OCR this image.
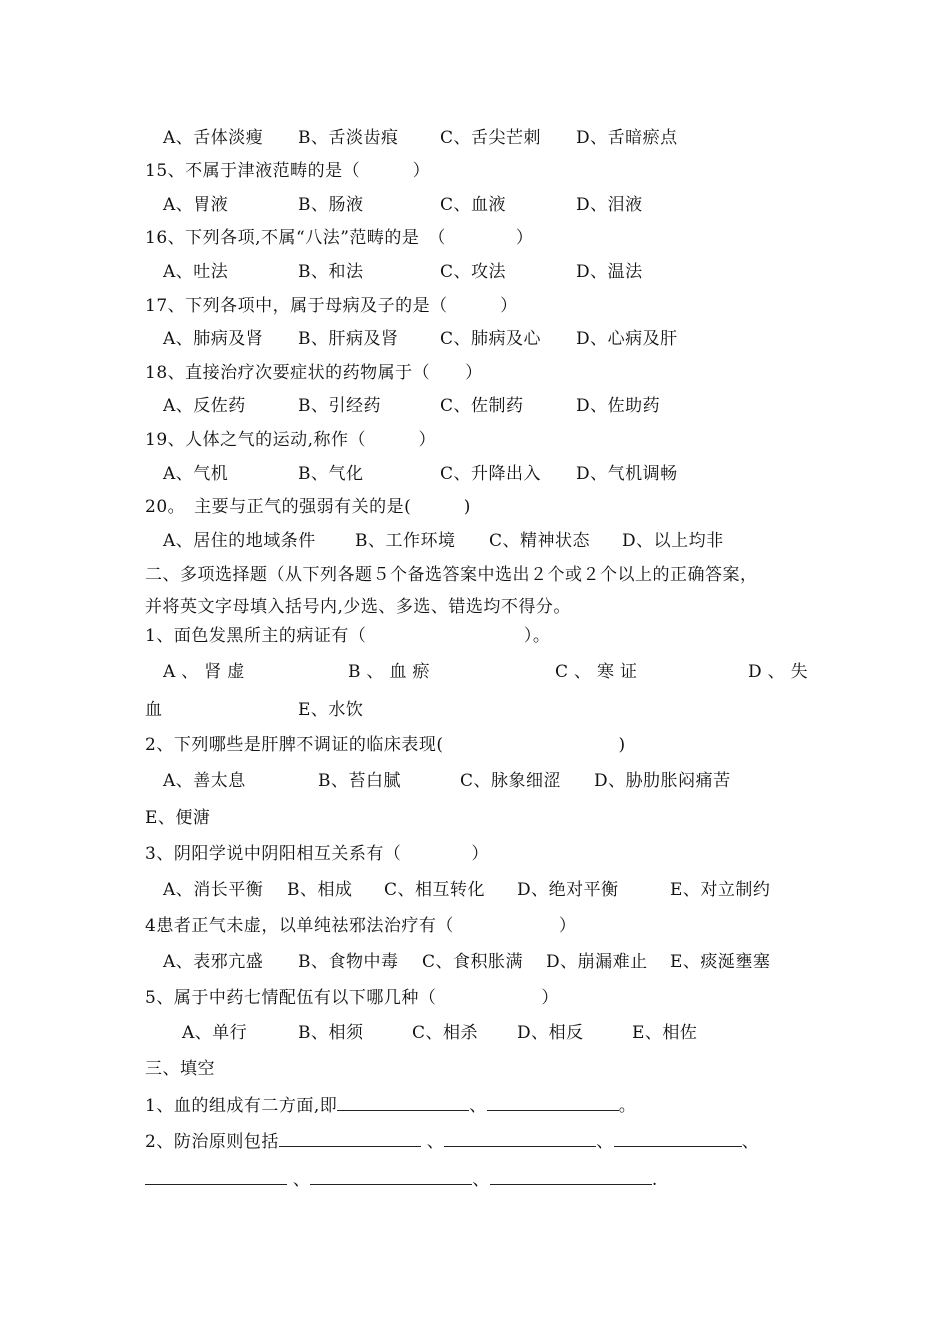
A、舌体淡瘦 B、舌淡齿痕 C、舌尖芒刺 D、舌暗瘀点
15、不属于津液范畴的是（　　　）
A、胃液	B、肠液	C、血液	D、泪液
16、下列各项,不属“八法”范畴的是　（　　　　）
A、吐法	B、和法	C、攻法	D、温法
17、下列各项中，属于母病及子的是（　　　）
A、肺病及肾 B、肝病及肾 C、肺病及心 D、心病及肝
18、直接治疗次要症状的药物属于（　　）
A、反佐药	B、引经药	C、佐制药	D、佐助药
19、人体之气的运动,称作（　　　）
A、气机	B、气化	C、升降出入 D、气机调畅
20。　主要与正气的强弱有关的是(　　　)
A、居住的地域条件 B、工作环境 C、精神状态 D、以上均非
二、多项选择题（从下列各题５个备选答案中选出２个或２个以上的正确答案，
并将英文字母填入括号内,少选、多选、错选均不得分。
1、面色发黑所主的病证有（　　　　　　　　　）。
A、肾虚	B、血瘀	C、寒证	D、失
血	E、水饮
2、下列哪些是肝脾不调证的临床表现(　　　　　　　　　　)
A、善太息	B、苔白腻	C、脉象细涩 D、胁肋胀闷痛苦
E、便溏
3、阴阳学说中阴阳相互关系有（　　　　）
A、消长平衡 B、相成 C、相互转化 D、绝对平衡	E、对立制约
4患者正气未虚，以单纯祛邪法治疗有（　　　　　　）
A、表邪亢盛 B、食物中毒 C、食积胀满 D、崩漏难止 E、痰涎壅塞
5、属于中药七情配伍有以下哪几种（　　　　　　）
A、单行	B、相须	C、相杀 D、相反	E、相佐
三、填空
1、血的组成有二方面,即	、	。
2、防治原则包括	、	、	、
、	、	.
